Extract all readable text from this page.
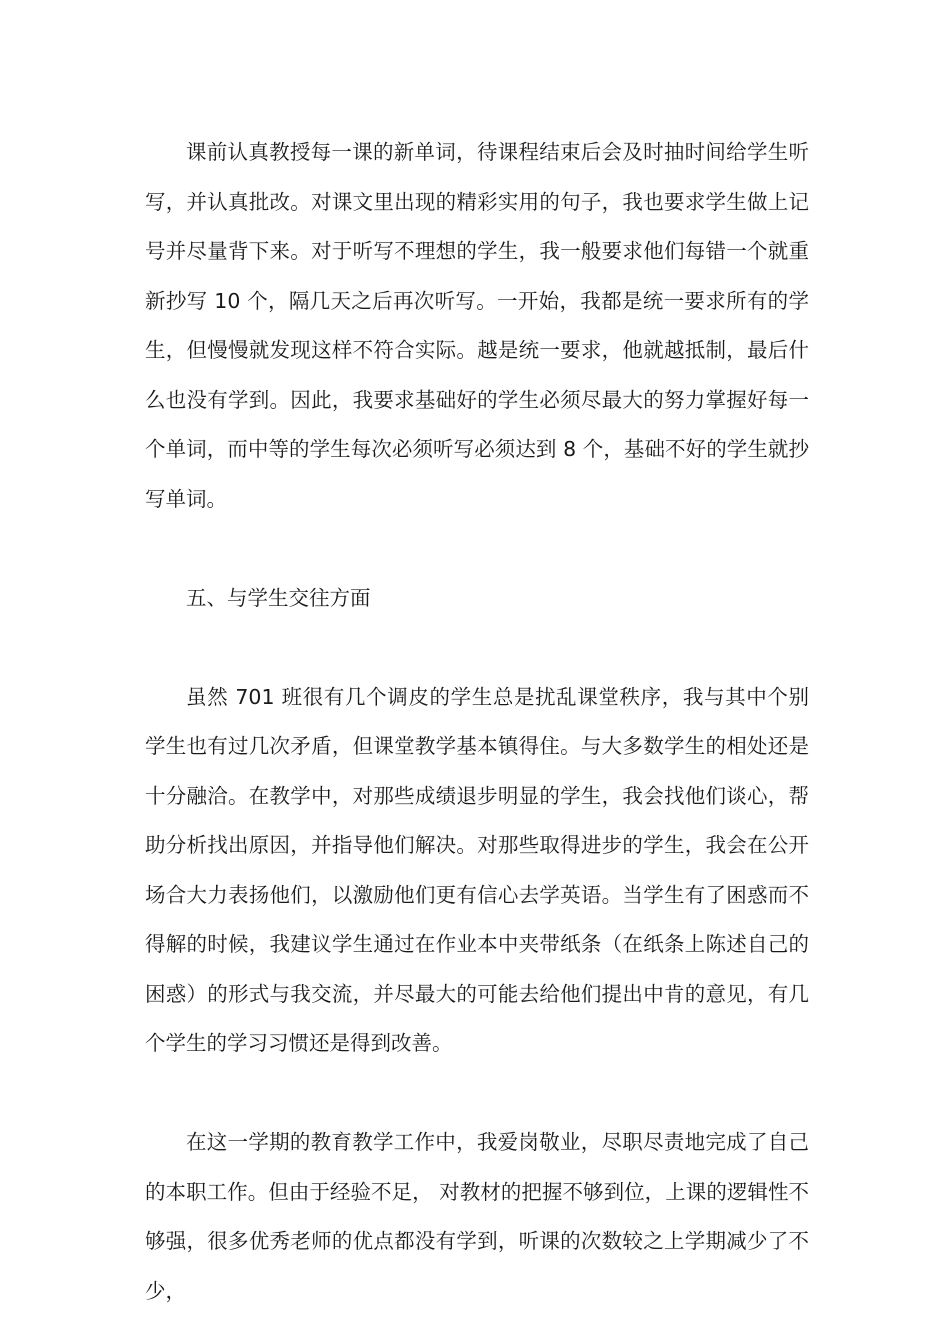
课前认真教授每一课的新单词，待课程结束后会及时抽时间给学生听写，并认真批改。对课文里出现的精彩实用的句子，我也要求学生做上记号并尽量背下来。对于听写不理想的学生，我一般要求他们每错一个就重新抄写 10 个，隔几天之后再次听写。一开始，我都是统一要求所有的学生，但慢慢就发现这样不符合实际。越是统一要求，他就越抵制，最后什么也没有学到。因此，我要求基础好的学生必须尽最大的努力掌握好每一个单词，而中等的学生每次必须听写必须达到 8 个，基础不好的学生就抄写单词。

五、与学生交往方面

虽然 701 班很有几个调皮的学生总是扰乱课堂秩序，我与其中个别学生也有过几次矛盾，但课堂教学基本镇得住。与大多数学生的相处还是十分融洽。在教学中，对那些成绩退步明显的学生，我会找他们谈心，帮助分析找出原因，并指导他们解决。对那些取得进步的学生，我会在公开场合大力表扬他们，以激励他们更有信心去学英语。当学生有了困惑而不得解的时候，我建议学生通过在作业本中夹带纸条（在纸条上陈述自己的困惑）的形式与我交流，并尽最大的可能去给他们提出中肯的意见，有几个学生的学习习惯还是得到改善。

在这一学期的教育教学工作中，我爱岗敬业，尽职尽责地完成了自己的本职工作。但由于经验不足， 对教材的把握不够到位，上课的逻辑性不够强，很多优秀老师的优点都没有学到，听课的次数较之上学期减少了不少，
